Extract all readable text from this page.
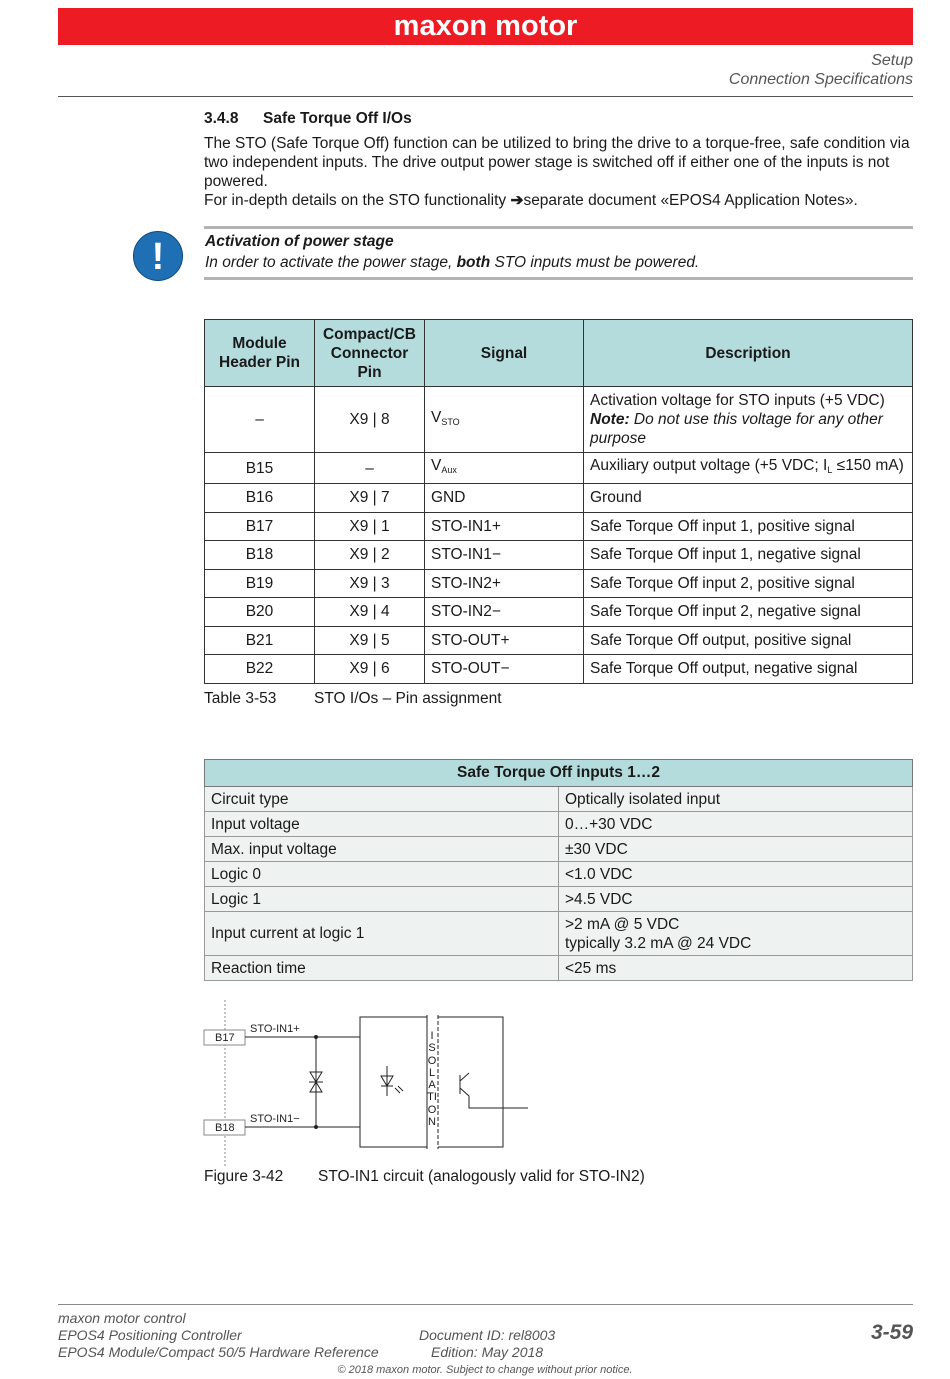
maxon motor
Setup
Connection Specifications
3.4.8 Safe Torque Off I/Os
The STO (Safe Torque Off) function can be utilized to bring the drive to a torque-free, safe condition via two independent inputs. The drive output power stage is switched off if either one of the inputs is not powered.
For in-depth details on the STO functionality ➔separate document «EPOS4 Application Notes».
!	Activation of power stage
In order to activate the power stage, both STO inputs must be powered.
Module Header Pin	Compact/CB Connector Pin	Signal	Description
–	X9 | 8	$V_{STO}$	Activation voltage for STO inputs (+5 VDC)
Note: Do not use this voltage for any other purpose

B15	–	$V_{Aux}$	Auxiliary output voltage (+5 VDC; $I_L \le 150$ mA)
B16	X9 | 7	GND	Ground
B17	X9 | 1	STO-IN1+	Safe Torque Off input 1, positive signal
B18	X9 | 2	STO-IN1−	Safe Torque Off input 1, negative signal
B19	X9 | 3	STO-IN2+	Safe Torque Off input 2, positive signal
B20	X9 | 4	STO-IN2−	Safe Torque Off input 2, negative signal
B21	X9 | 5	STO-OUT+	Safe Torque Off output, positive signal
B22	X9 | 6	STO-OUT−	Safe Torque Off output, negative signal
Table 3-53 STO I/Os – Pin assignment
Safe Torque Off inputs 1…2	
Circuit type	Optically isolated input

Input voltage	0…+30 VDC

Max. input voltage	±30 VDC

Logic 0	<1.0 VDC

Logic 1	>4.5 VDC

Input current at logic 1	>2 mA @ 5 VDC
typically 3.2 mA @ 24 VDC

Reaction time	<25 ms
B17
B18
STO-IN1+
STO-IN1−
ISOLATION
Figure 3-42 STO-IN1 circuit (analogously valid for STO-IN2)
maxon motor control
EPOS4 Positioning Controller
EPOS4 Module/Compact 50/5 Hardware Reference
Document ID: rel8003
Edition: May 2018
3-59
© 2018 maxon motor. Subject to change without prior notice.
